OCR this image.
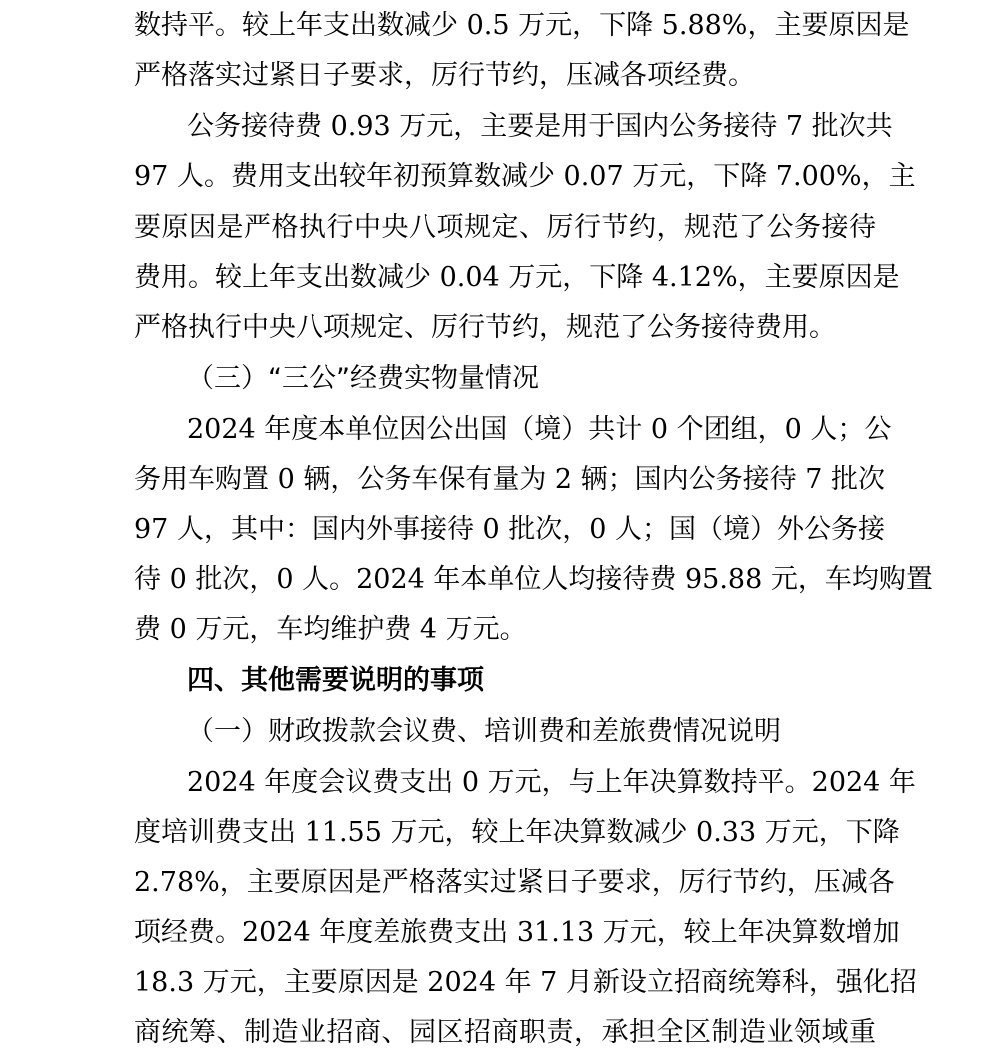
数持平。较上年支出数减少 0.5 万元，下降 5.88%，主要原因是
严格落实过紧日子要求，厉行节约，压减各项经费。
公务接待费 0.93 万元，主要是用于国内公务接待 7 批次共
97 人。费用支出较年初预算数减少 0.07 万元，下降 7.00%，主
要原因是严格执行中央八项规定、厉行节约，规范了公务接待
费用。较上年支出数减少 0.04 万元，下降 4.12%，主要原因是
严格执行中央八项规定、厉行节约，规范了公务接待费用。
（三）“三公”经费实物量情况
2024 年度本单位因公出国（境）共计 0 个团组，0 人；公
务用车购置 0 辆，公务车保有量为 2 辆；国内公务接待 7 批次
97 人，其中：国内外事接待 0 批次，0 人；国（境）外公务接
待 0 批次，0 人。2024 年本单位人均接待费 95.88 元，车均购置
费 0 万元，车均维护费 4 万元。
四、其他需要说明的事项
（一）财政拨款会议费、培训费和差旅费情况说明
2024 年度会议费支出 0 万元，与上年决算数持平。2024 年
度培训费支出 11.55 万元，较上年决算数减少 0.33 万元，下降
2.78%，主要原因是严格落实过紧日子要求，厉行节约，压减各
项经费。2024 年度差旅费支出 31.13 万元，较上年决算数增加
18.3 万元，主要原因是 2024 年 7 月新设立招商统筹科，强化招
商统筹、制造业招商、园区招商职责，承担全区制造业领域重
